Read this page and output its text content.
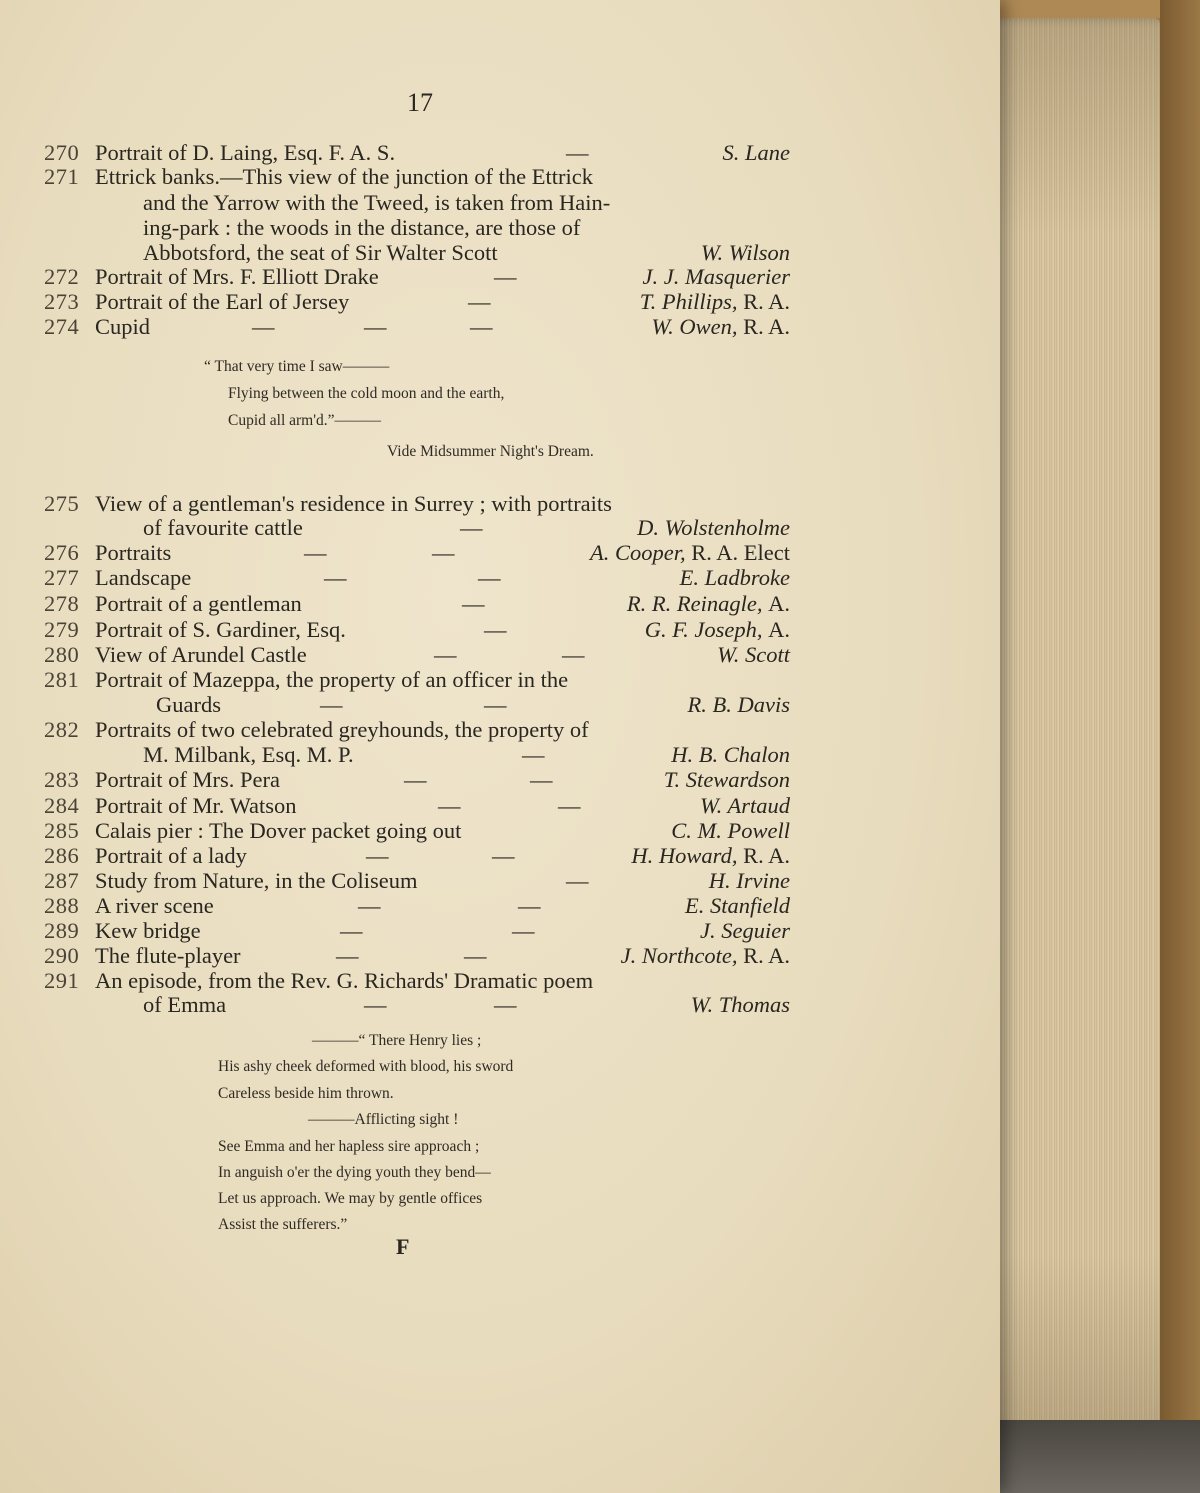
17
270 Portrait of D. Laing, Esq. F. A. S.	—	S. Lane
271 Ettrick banks.—This view of the junction of the Ettrick
and the Yarrow with the Tweed, is taken from Hain-
ing-park : the woods in the distance, are those of
Abbotsford, the seat of Sir Walter Scott	W. Wilson
272 Portrait of Mrs. F. Elliott Drake	—	J. J. Masquerier
273 Portrait of the Earl of Jersey	—	T. Phillips, R. A.
274 Cupid	—	—	—	W. Owen, R. A.
“ That very time I saw———
Flying between the cold moon and the earth,
Cupid all arm'd.”———
Vide Midsummer Night's Dream.
275 View of a gentleman's residence in Surrey ; with portraits
of favourite cattle	—	D. Wolstenholme
276 Portraits	—	—	A. Cooper, R. A. Elect
277 Landscape	—	—	E. Ladbroke
278 Portrait of a gentleman	—	R. R. Reinagle, A.
279 Portrait of S. Gardiner, Esq.	—	G. F. Joseph, A.
280 View of Arundel Castle	—	—	W. Scott
281 Portrait of Mazeppa, the property of an officer in the
Guards	—	—	R. B. Davis
282 Portraits of two celebrated greyhounds, the property of
M. Milbank, Esq. M. P.	—	H. B. Chalon
283 Portrait of Mrs. Pera	—	—	T. Stewardson
284 Portrait of Mr. Watson	—	—	W. Artaud
285 Calais pier : The Dover packet going out	C. M. Powell
286 Portrait of a lady	—	—	H. Howard, R. A.
287 Study from Nature, in the Coliseum	—	H. Irvine
288 A river scene	—	—	E. Stanfield
289 Kew bridge	—	—	J. Seguier
290 The flute-player	—	—	J. Northcote, R. A.
291 An episode, from the Rev. G. Richards' Dramatic poem
of Emma	—	—	W. Thomas
———“ There Henry lies ;
His ashy cheek deformed with blood, his sword
Careless beside him thrown.
———Afflicting sight !
See Emma and her hapless sire approach ;
In anguish o'er the dying youth they bend—
Let us approach. We may by gentle offices
Assist the sufferers.”
F
